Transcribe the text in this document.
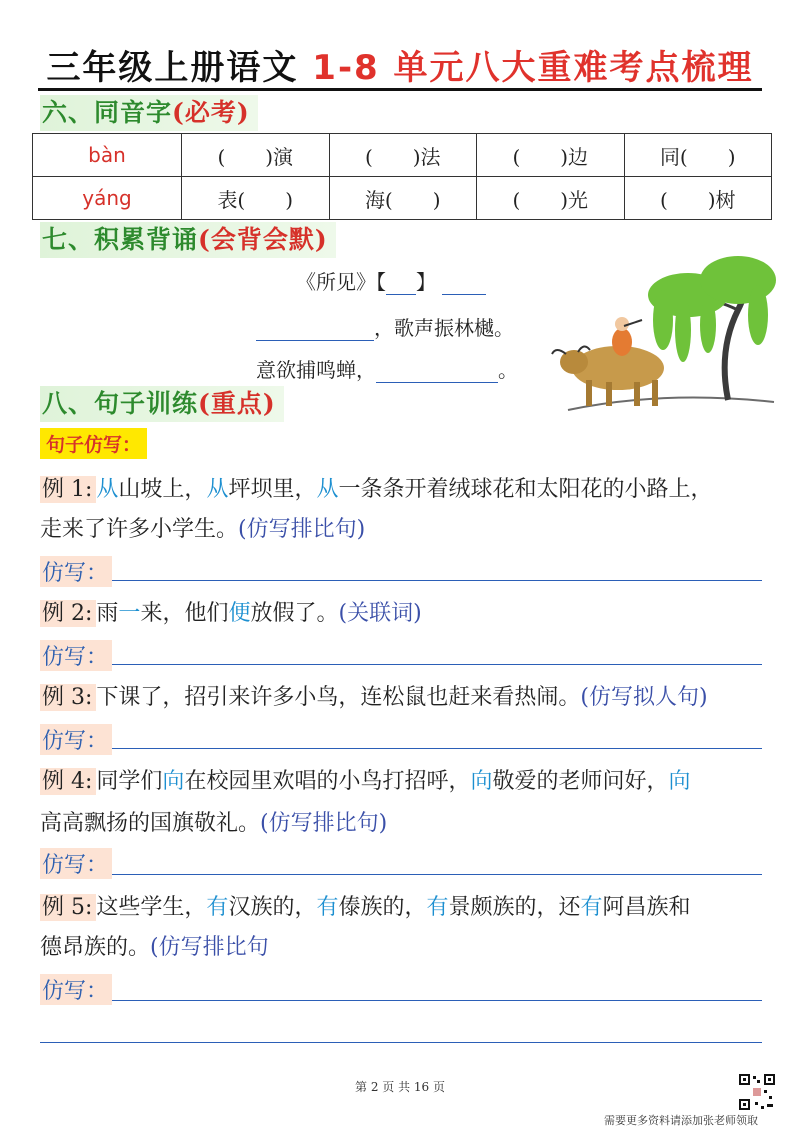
三年级上册语文 1-8 单元八大重难考点梳理
六、同音字(必考)
bàn	(　　)演	(　　)法	(　　)边	同(　　)
yáng	表(　　)	海(　　)	(　　)光	(　　)树
七、积累背诵(会背会默)
《所见》【 】
，歌声振林樾。
意欲捕鸣蝉，	。
八、句子训练(重点)
句子仿写：
例 1: 从山坡上，从坪坝里，从一条条开着绒球花和太阳花的小路上，
走来了许多小学生。(仿写排比句)
仿写：
例 2: 雨一来，他们便放假了。(关联词)
仿写：
例 3: 下课了，招引来许多小鸟，连松鼠也赶来看热闹。(仿写拟人句)
仿写：
例 4: 同学们向在校园里欢唱的小鸟打招呼，向敬爱的老师问好，向
高高飘扬的国旗敬礼。(仿写排比句)
仿写：
例 5: 这些学生，有汉族的，有傣族的，有景颇族的，还有阿昌族和
德昂族的。(仿写排比句
仿写：
第 2 页 共 16 页
需要更多资料请添加张老师领取
